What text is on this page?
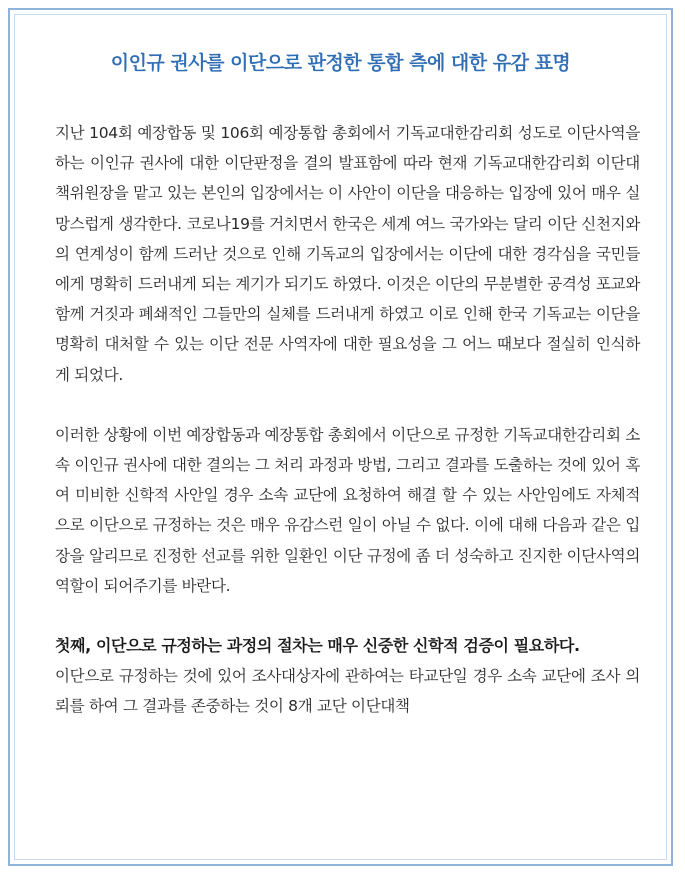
이인규 권사를 이단으로 판정한 통합 측에 대한 유감 표명

지난 104회 예장합동 및 106회 예장통합 총회에서 기독교대한감리회 성도로 이단사역을 하는 이인규 권사에 대한 이단판정을 결의 발표함에 따라 현재 기독교대한감리회 이단대책위원장을 맡고 있는 본인의 입장에서는 이 사안이 이단을 대응하는 입장에 있어 매우 실망스럽게 생각한다. 코로나19를 거치면서 한국은 세계 여느 국가와는 달리 이단 신천지와의 연계성이 함께 드러난 것으로 인해 기독교의 입장에서는 이단에 대한 경각심을 국민들에게 명확히 드러내게 되는 계기가 되기도 하였다. 이것은 이단의 무분별한 공격성 포교와 함께 거짓과 폐쇄적인 그들만의 실체를 드러내게 하였고 이로 인해 한국 기독교는 이단을 명확히 대처할 수 있는 이단 전문 사역자에 대한 필요성을 그 어느 때보다 절실히 인식하게 되었다.

이러한 상황에 이번 예장합동과 예장통합 총회에서 이단으로 규정한 기독교대한감리회 소속 이인규 권사에 대한 결의는 그 처리 과정과 방법, 그리고 결과를 도출하는 것에 있어 혹여 미비한 신학적 사안일 경우 소속 교단에 요청하여 해결 할 수 있는 사안임에도 자체적으로 이단으로 규정하는 것은 매우 유감스런 일이 아닐 수 없다. 이에 대해 다음과 같은 입장을 알리므로 진정한 선교를 위한 일환인 이단 규정에 좀 더 성숙하고 진지한 이단사역의 역할이 되어주기를 바란다.

첫째, 이단으로 규정하는 과정의 절차는 매우 신중한 신학적 검증이 필요하다.

이단으로 규정하는 것에 있어 조사대상자에 관하여는 타교단일 경우 소속 교단에 조사 의뢰를 하여 그 결과를 존중하는 것이 8개 교단 이단대책
